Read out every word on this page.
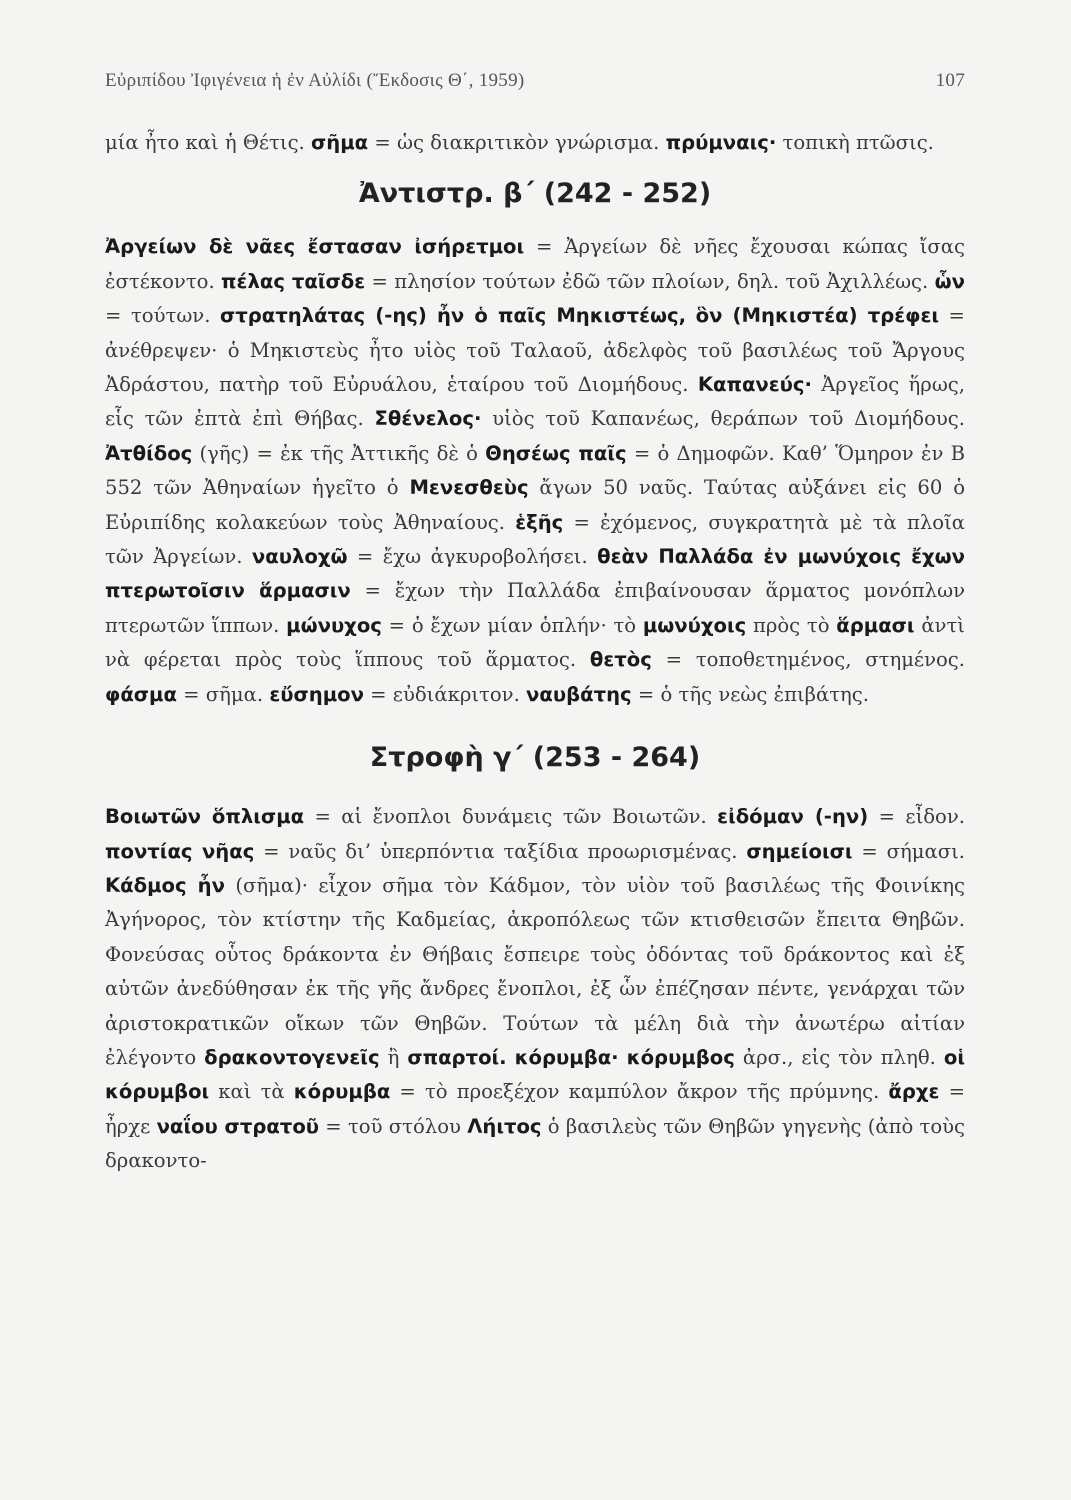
Εὐριπίδου Ἰφιγένεια ἡ ἐν Αὐλίδι (Ἔκδοσις Θ΄, 1959)	107

μία ἦτο καὶ ἡ Θέτις. σῆμα = ὡς διακριτικὸν γνώρισμα. πρύμναις· τοπικὴ πτῶσις.

Ἀντιστρ. β΄ (242 - 252)

Ἀργείων δὲ νᾶες ἔστασαν ἰσήρετμοι = Ἀργείων δὲ νῆες ἔχουσαι κώπας ἴσας ἐστέκοντο. πέλας ταῖσδε = πλησίον τούτων ἐδῶ τῶν πλοίων, δηλ. τοῦ Ἀχιλλέως. ὧν = τούτων. στρατηλάτας (-ης) ἦν ὁ παῖς Μηκιστέως, ὃν (Μηκιστέα) τρέφει = ἀνέθρεψεν· ὁ Μηκιστεὺς ἦτο υἱὸς τοῦ Ταλαοῦ, ἀδελφὸς τοῦ βασιλέως τοῦ Ἄργους Ἀδράστου, πατὴρ τοῦ Εὐρυάλου, ἑταίρου τοῦ Διομήδους. Καπανεύς· Ἀργεῖος ἥρως, εἷς τῶν ἑπτὰ ἐπὶ Θήβας. Σθένελος· υἱὸς τοῦ Καπανέως, θεράπων τοῦ Διομήδους. Ἀτθίδος (γῆς) = ἐκ τῆς Ἀττικῆς δὲ ὁ Θησέως παῖς = ὁ Δημοφῶν. Καθ’ Ὅμηρον ἐν Β 552 τῶν Ἀθηναίων ἡγεῖτο ὁ Μενεσθεὺς ἄγων 50 ναῦς. Ταύτας αὐξάνει εἰς 60 ὁ Εὐριπίδης κολακεύων τοὺς Ἀθηναίους. ἑξῆς = ἐχόμενος, συγκρατητὰ μὲ τὰ πλοῖα τῶν Ἀργείων. ναυλοχῶ = ἔχω ἀγκυροβολήσει. θεὰν Παλλάδα ἐν μωνύχοις ἔχων πτερωτοῖσιν ἅρμασιν = ἔχων τὴν Παλλάδα ἐπιβαίνουσαν ἅρματος μονόπλων πτερωτῶν ἵππων. μώνυχος = ὁ ἔχων μίαν ὁπλήν· τὸ μωνύχοις πρὸς τὸ ἅρμασι ἀντὶ νὰ φέρεται πρὸς τοὺς ἵππους τοῦ ἅρματος. θετὸς = τοποθετημένος, στημένος. φάσμα = σῆμα. εὔσημον = εὐδιάκριτον. ναυβάτης = ὁ τῆς νεὼς ἐπιβάτης.

Στροφὴ γ΄ (253 - 264)

Βοιωτῶν ὅπλισμα = αἱ ἔνοπλοι δυνάμεις τῶν Βοιωτῶν. εἰδόμαν (-ην) = εἶδον. ποντίας νῆας = ναῦς δι’ ὑπερπόντια ταξίδια προωρισμένας. σημείοισι = σήμασι. Κάδμος ἦν (σῆμα)· εἶχον σῆμα τὸν Κάδμον, τὸν υἱὸν τοῦ βασιλέως τῆς Φοινίκης Ἀγήνορος, τὸν κτίστην τῆς Καδμείας, ἀκροπόλεως τῶν κτισθεισῶν ἔπειτα Θηβῶν. Φονεύσας οὗτος δράκοντα ἐν Θήβαις ἔσπειρε τοὺς ὀδόντας τοῦ δράκοντος καὶ ἐξ αὐτῶν ἀνεδύθησαν ἐκ τῆς γῆς ἄνδρες ἔνοπλοι, ἐξ ὧν ἐπέζησαν πέντε, γενάρχαι τῶν ἀριστοκρατικῶν οἴκων τῶν Θηβῶν. Τούτων τὰ μέλη διὰ τὴν ἀνωτέρω αἰτίαν ἐλέγοντο δρακοντογενεῖς ἢ σπαρτοί. κόρυμβα· κόρυμβος ἀρσ., εἰς τὸν πληθ. οἱ κόρυμβοι καὶ τὰ κόρυμβα = τὸ προεξέχον καμπύλον ἄκρον τῆς πρύμνης. ἄρχε = ἦρχε ναΐου στρατοῦ = τοῦ στόλου Λήιτος ὁ βασιλεὺς τῶν Θηβῶν γηγενὴς (ἀπὸ τοὺς δρακοντο-
